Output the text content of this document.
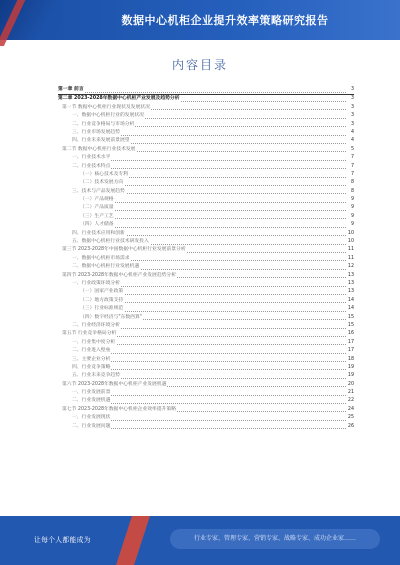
数据中心机柜企业提升效率策略研究报告
内容目录
第一章 前言	3
第二章 2023-2028年数据中心机柜产业发展及趋势分析	3
第一节 数据中心机柜行业现状及发展状况	3
一、数据中心机柜行业的发展状况	3
二、行业竞争格局与市场分析	3
三、行业市场发展趋势	4
四、行业未来发展前景展望	4
第二节 数据中心机柜行业技术发展	5
一、行业技术水平	7
二、行业技术特点	7
（一）核心技术及专利	7
（二）技术发展方向	8
三、技术与产品发展趋势	8
（一）产品规格	9
（二）产品质量	9
（三）生产工艺	9
（四）人才储备	9
四、行业技术应用和创新	10
五、数据中心机柜行业技术研发投入	10
第三节 2023-2028年中国数据中心机柜行业发展前景分析	11
一、数据中心机柜市场需求	11
二、数据中心机柜行业发展机遇	12
第四节 2023-2028年数据中心机柜产业发展趋势分析	13
一、行业政策环境分析	13
（一）国家产业政策	13
（二）地方政策支持	14
（三）行业标准规范	14
（四）数字经济与"东数西算"	15
二、行业经济环境分析	15
第五节 行业竞争格局分析	16
一、行业集中度分析	17
二、行业进入壁垒	17
三、主要企业分析	18
四、行业竞争策略	19
五、行业未来竞争趋势	19
第六节 2023-2028年数据中心机柜产业发展机遇	20
一、行业发展前景	21
二、行业发展机遇	22
第七节 2023-2028年数据中心机柜企业效率提升策略	24
一、行业发展现状	25
二、行业发展问题	26
让每个人都能成为	行业专家、管理专家、营销专家、战略专家、成功企业家……
